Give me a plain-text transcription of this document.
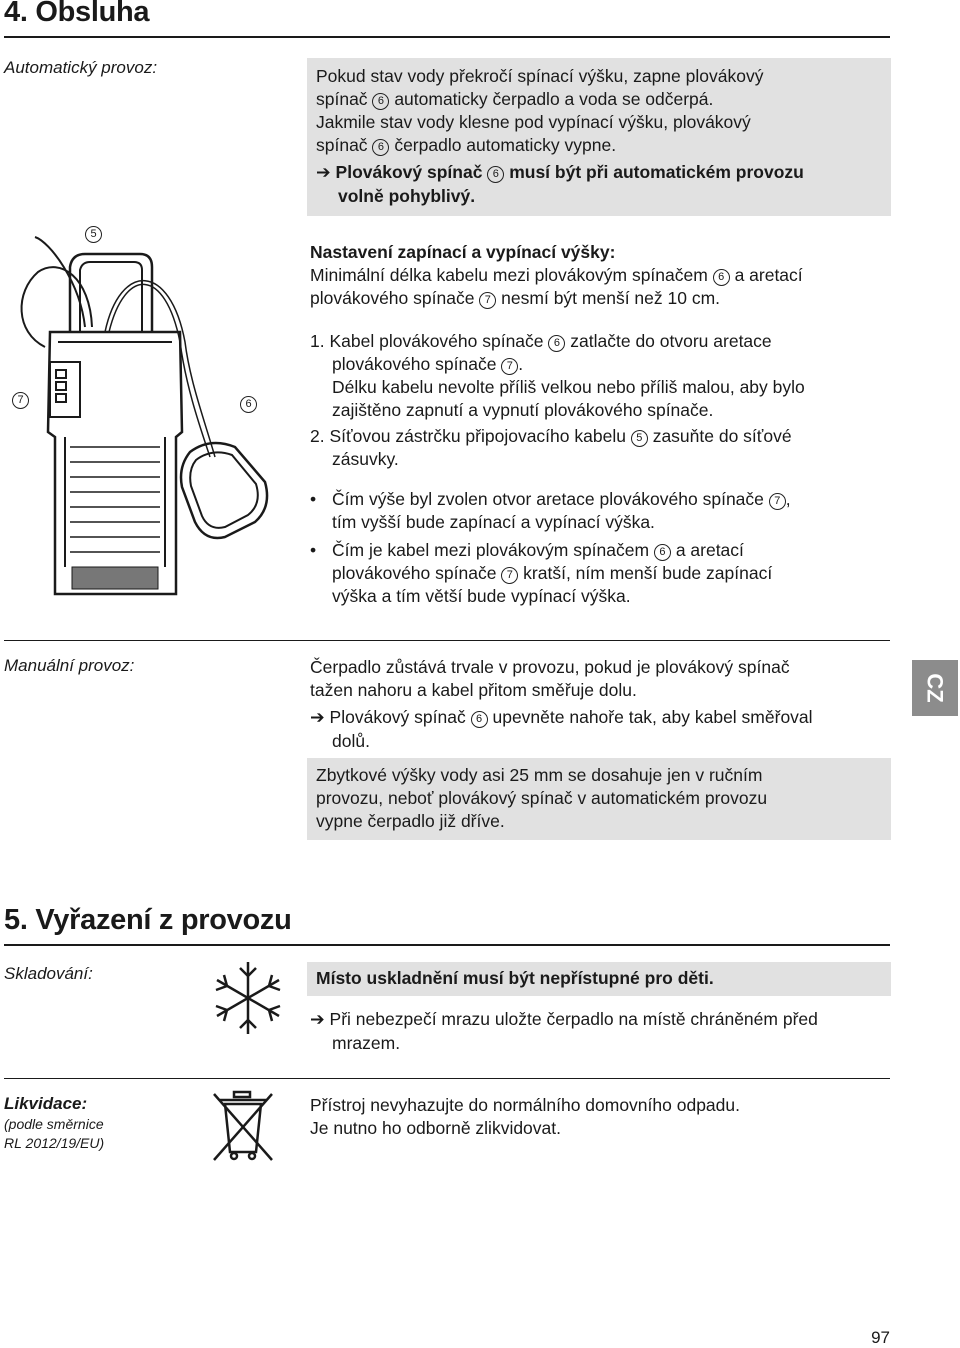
4. Obsluha
Automatický provoz:	Pokud stav vody překročí spínací výšku, zapne plovákový

spínač 6 automaticky čerpadlo a voda se odčerpá.

Jakmile stav vody klesne pod vypínací výšku, plovákový

spínač 6 čerpadlo automaticky vypne.

➔ Plovákový spínač 6 musí být při automatickém provozu

volně pohyblivý.

5
7	6

Nastavení zapínací a vypínací výšky:

Minimální délka kabelu mezi plovákovým spínačem 6 a aretací

plovákového spínače 7 nesmí být menší než 10 cm.

1. Kabel plovákového spínače 6 zatlačte do otvoru aretace

plovákového spínače 7 .

Délku kabelu nevolte příliš velkou nebo příliš malou, aby bylo

zajištěno zapnutí a vypnutí plovákového spínače.

2. Síťovou zástrčku připojovacího kabelu 5 zasuňte do síťové

zásuvky.

• Čím výše byl zvolen otvor aretace plovákového spínače 7 ,

tím vyšší bude zapínací a vypínací výška.

• Čím je kabel mezi plovákovým spínačem 6 a aretací

plovákového spínače 7 kratší, ním menší bude zapínací

výška a tím větší bude vypínací výška.

Manuální provoz:	Čerpadlo zůstává trvale v provozu, pokud je plovákový spínač

tažen nahoru a kabel přitom směřuje dolu.

➔ Plovákový spínač 6 upevněte nahoře tak, aby kabel směřoval

dolů.

Zbytkové výšky vody asi 25 mm se dosahuje jen v ručním

provozu, neboť plovákový spínač v automatickém provozu

vypne čerpadlo již dříve.

CZ
5. Vyřazení z provozu
Skladování:	Místo uskladnění musí být nepřístupné pro děti.

➔ Při nebezpečí mrazu uložte čerpadlo na místě chráněném před

mrazem.

Likvidace:

(podle směrnice

RL 2012/19/EU)

Přístroj nevyhazujte do normálního domovního odpadu.

Je nutno ho odborně zlikvidovat.

97
